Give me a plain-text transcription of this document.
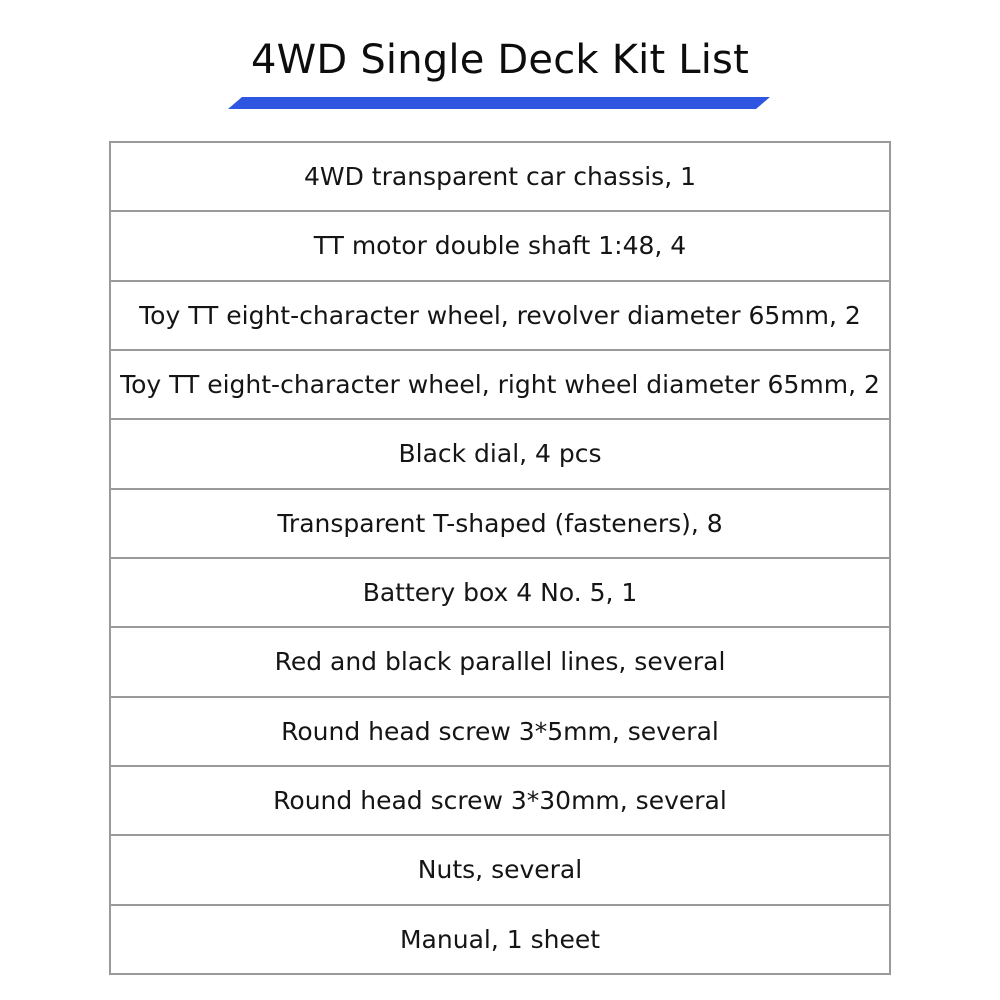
4WD Single Deck Kit List
4WD transparent car chassis, 1
TT motor double shaft 1:48, 4
Toy TT eight-character wheel, revolver diameter 65mm, 2
Toy TT eight-character wheel, right wheel diameter 65mm, 2
Black dial, 4 pcs
Transparent T-shaped (fasteners), 8
Battery box 4 No. 5, 1
Red and black parallel lines, several
Round head screw 3*5mm, several
Round head screw 3*30mm, several
Nuts, several
Manual, 1 sheet
